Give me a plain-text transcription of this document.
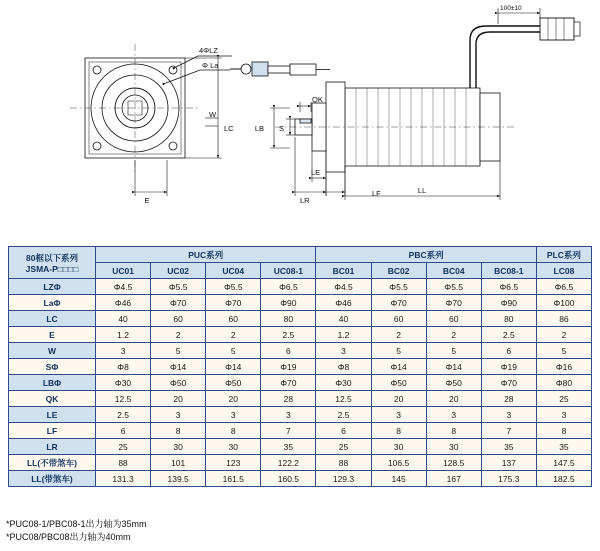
4ΦLZ
Φ La
E
LC
W
100±10
LB S
QK
LE
LR
LF	LL
80框以下系列
JSMA-P□□□□	PUC系列				PBC系列				PLC系列
	UC01	UC02	UC04	UC08-1	BC01	BC02	BC04	BC08-1	LC08
LZΦ	Φ4.5	Φ5.5	Φ5.5	Φ6.5	Φ4.5	Φ5.5	Φ5.5	Φ6.5	Φ6.5
LaΦ	Φ46	Φ70	Φ70	Φ90	Φ46	Φ70	Φ70	Φ90	Φ100
LC	40	60	60	80	40	60	60	80	86
E	1.2	2	2	2.5	1.2	2	2	2.5	2
W	3	5	5	6	3	5	5	6	5
SΦ	Φ8	Φ14	Φ14	Φ19	Φ8	Φ14	Φ14	Φ19	Φ16
LBΦ	Φ30	Φ50	Φ50	Φ70	Φ30	Φ50	Φ50	Φ70	Φ80
QK	12.5	20	20	28	12.5	20	20	28	25
LE	2.5	3	3	3	2.5	3	3	3	3
LF	6	8	8	7	6	8	8	7	8
LR	25	30	30	35	25	30	30	35	35
LL(不带煞车)	88	101	123	122.2	88	106.5	128.5	137	147.5
LL(带煞车)	131.3	139.5	161.5	160.5	129.3	145	167	175.3	182.5
*PUC08-1/PBC08-1出力轴为35mm
*PUC08/PBC08出力轴为40mm
